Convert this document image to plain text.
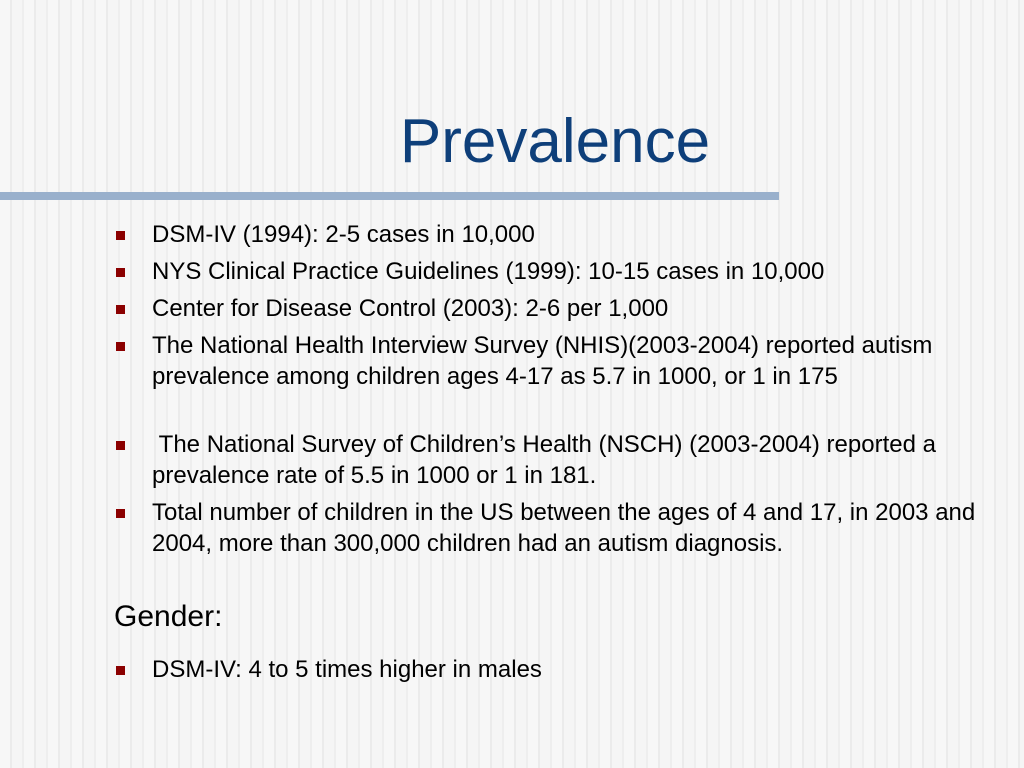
Prevalence
DSM-IV (1994): 2-5 cases in 10,000
NYS Clinical Practice Guidelines (1999): 10-15 cases in 10,000
Center for Disease Control (2003): 2-6 per 1,000
The National Health Interview Survey (NHIS)(2003-2004) reported autism prevalence among children ages 4-17 as 5.7 in 1000, or 1 in 175
The National Survey of Children’s Health (NSCH) (2003-2004) reported a prevalence rate of 5.5 in 1000 or 1 in 181.
Total number of children in the US between the ages of 4 and 17, in 2003 and 2004, more than 300,000 children had an autism diagnosis.
Gender:
DSM-IV: 4 to 5 times higher in males
